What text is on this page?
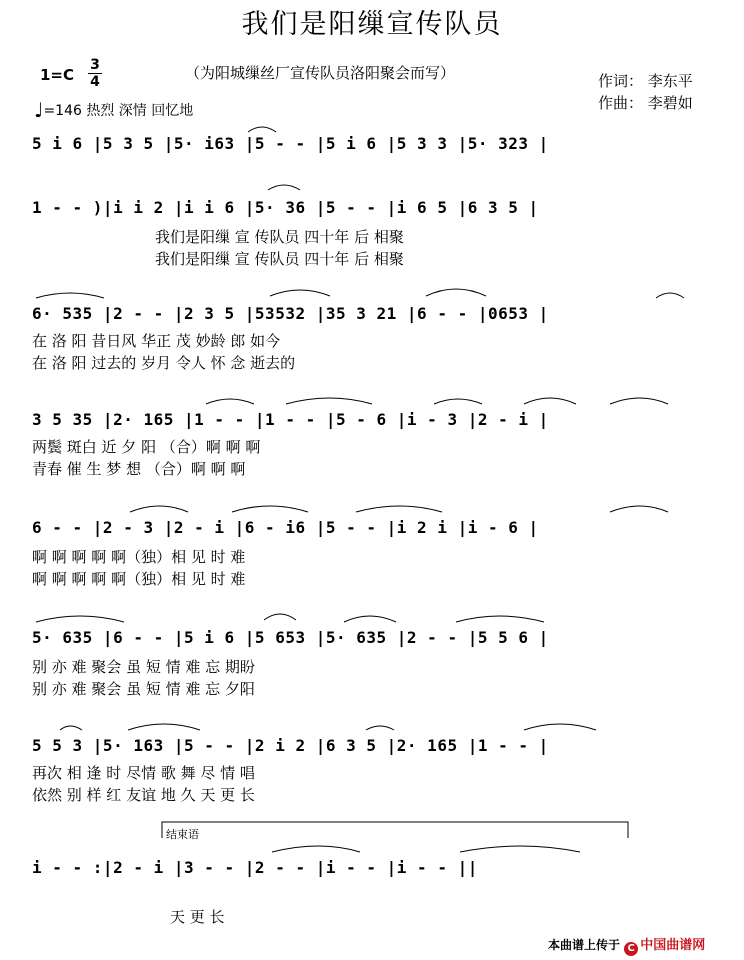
我们是阳缫宣传队员
1=C
3
4	（为阳城缫丝厂宣传队员洛阳聚会而写）	作词： 李东平
作曲： 李碧如
♩=146 热烈 深情 回忆地
5 i 6 |5 3 5 |5· i63 |5 - - |5 i 6 |5 3 3 |5· 323 |
1 - - )|i i 2 |i i 6 |5· 36 |5 - - |i 6 5 |6 3 5 |
我们是阳缫 宣 传队员 四十年 后 相聚
我们是阳缫 宣 传队员 四十年 后 相聚
6· 535 |2 - - |2 3 5 |53532 |35 3 21 |6 - - |0653 |
在 洛 阳 昔日风 华正 茂 妙龄 郎 如今
在 洛 阳 过去的 岁月 令人 怀 念 逝去的
3 5 35 |2· 165 |1 - - |1 - - |5 - 6 |i - 3 |2 - i |
两鬓 斑白 近 夕 阳 （合）啊 啊 啊
青春 催 生 梦 想 （合）啊 啊 啊
6 - - |2 - 3 |2 - i |6 - i6 |5 - - |i 2 i |i - 6 |
啊 啊 啊 啊 啊（独）相 见 时 难
啊 啊 啊 啊 啊（独）相 见 时 难
5· 635 |6 - - |5 i 6 |5 653 |5· 635 |2 - - |5 5 6 |
别 亦 难 聚会 虽 短 情 难 忘 期盼
别 亦 难 聚会 虽 短 情 难 忘 夕阳
5 5 3 |5· 163 |5 - - |2 i 2 |6 3 5 |2· 165 |1 - - |
再次 相 逢 时 尽情 歌 舞 尽 情 唱
依然 别 样 红 友谊 地 久 天 更 长
结束语
i - - :|2 - i |3 - - |2 - - |i - - |i - - ||
天 更 长
本曲谱上传于 C 中国曲谱网
